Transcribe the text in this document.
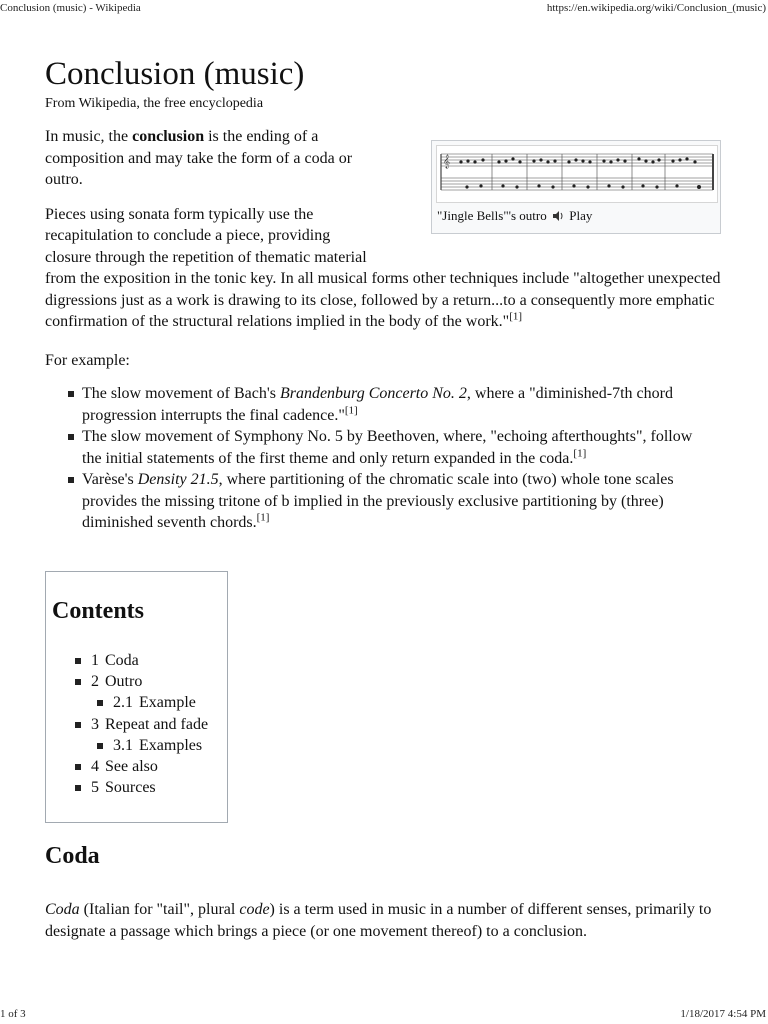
Conclusion (music) - Wikipedia	https://en.wikipedia.org/wiki/Conclusion_(music)
Conclusion (music)
From Wikipedia, the free encyclopedia
𝄞
"Jingle Bells"'s outro Play

In music, the conclusion is the ending of a composition and may take the form of a coda or outro.

Pieces using sonata form typically use the recapitulation to conclude a piece, providing closure through the repetition of thematic material from the exposition in the tonic key. In all musical forms other techniques include "altogether unexpected digressions just as a work is drawing to its close, followed by a return...to a consequently more emphatic confirmation of the structural relations implied in the body of the work."[1]

For example:

The slow movement of Bach's Brandenburg Concerto No. 2, where a "diminished-7th chord progression interrupts the final cadence."[1]
The slow movement of Symphony No. 5 by Beethoven, where, "echoing afterthoughts", follow the initial statements of the first theme and only return expanded in the coda.[1]
Varèse's Density 21.5, where partitioning of the chromatic scale into (two) whole tone scales provides the missing tritone of b implied in the previously exclusive partitioning by (three) diminished seventh chords.[1]
Contents
1 Coda
2 Outro
2.1 Example
3 Repeat and fade
3.1 Examples
4 See also
5 Sources
Coda

Coda (Italian for "tail", plural code) is a term used in music in a number of different senses, primarily to designate a passage which brings a piece (or one movement thereof) to a conclusion.

1 of 3	1/18/2017 4:54 PM
